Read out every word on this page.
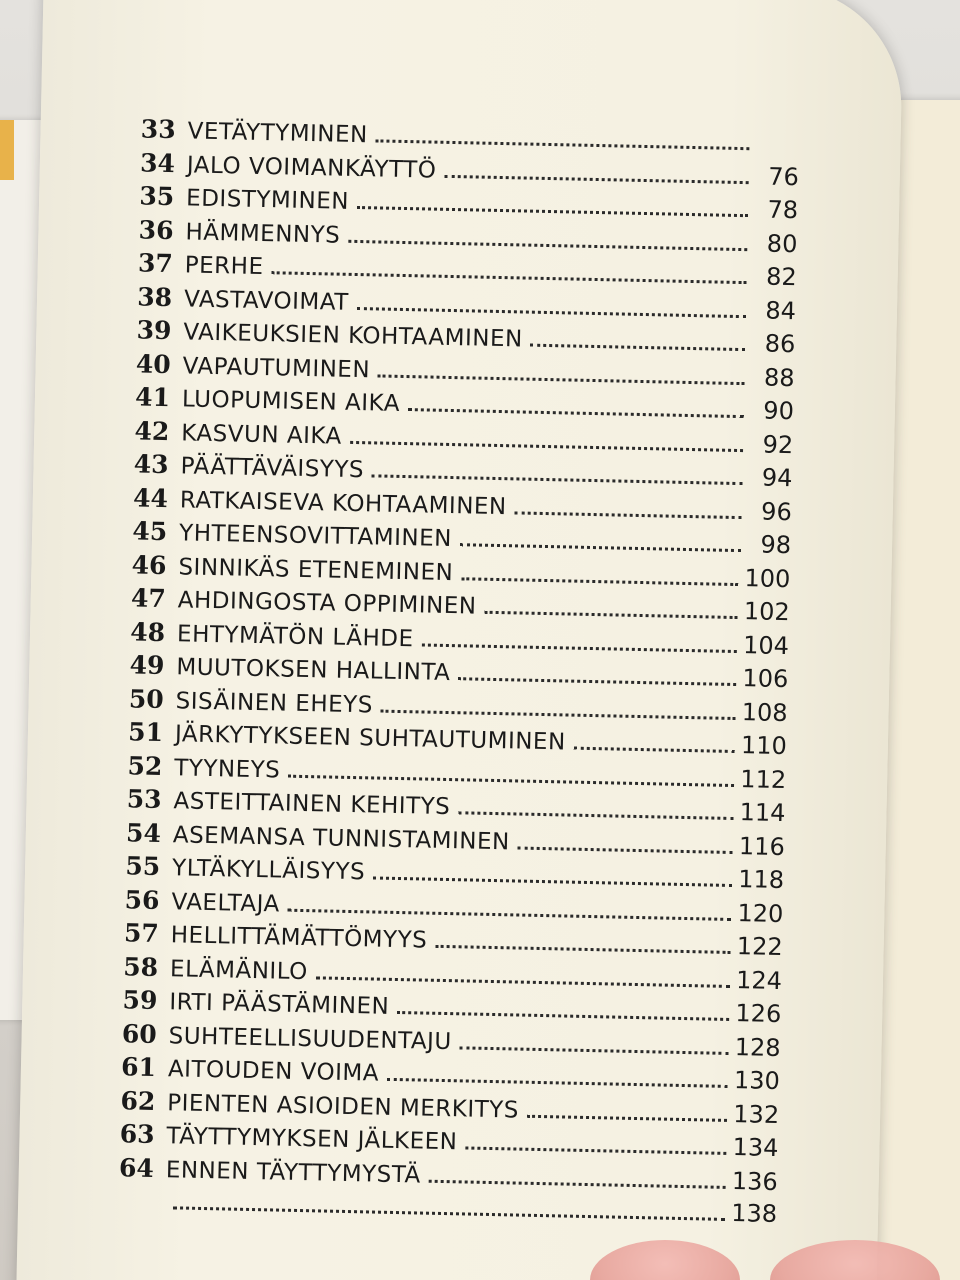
33 VETÄYTYMINEN
34 JALO VOIMANKÄYTTÖ	76
35 EDISTYMINEN	78
36 HÄMMENNYS	80
37 PERHE	82
38 VASTAVOIMAT	84
39 VAIKEUKSIEN KOHTAAMINEN	86
40 VAPAUTUMINEN	88
41 LUOPUMISEN AIKA	90
42 KASVUN AIKA	92
43 PÄÄTTÄVÄISYYS	94
44 RATKAISEVA KOHTAAMINEN	96
45 YHTEENSOVITTAMINEN	98
46 SINNIKÄS ETENEMINEN	100
47 AHDINGOSTA OPPIMINEN	102
48 EHTYMÄTÖN LÄHDE	104
49 MUUTOKSEN HALLINTA	106
50 SISÄINEN EHEYS	108
51 JÄRKYTYKSEEN SUHTAUTUMINEN	110
52 TYYNEYS	112
53 ASTEITTAINEN KEHITYS	114
54 ASEMANSA TUNNISTAMINEN	116
55 YLTÄKYLLÄISYYS	118
56 VAELTAJA	120
57 HELLITTÄMÄTTÖMYYS	122
58 ELÄMÄNILO	124
59 IRTI PÄÄSTÄMINEN	126
60 SUHTEELLISUUDENTAJU	128
61 AITOUDEN VOIMA	130
62 PIENTEN ASIOIDEN MERKITYS	132
63 TÄYTTYMYKSEN JÄLKEEN	134
64 ENNEN TÄYTTYMYSTÄ	136
138
